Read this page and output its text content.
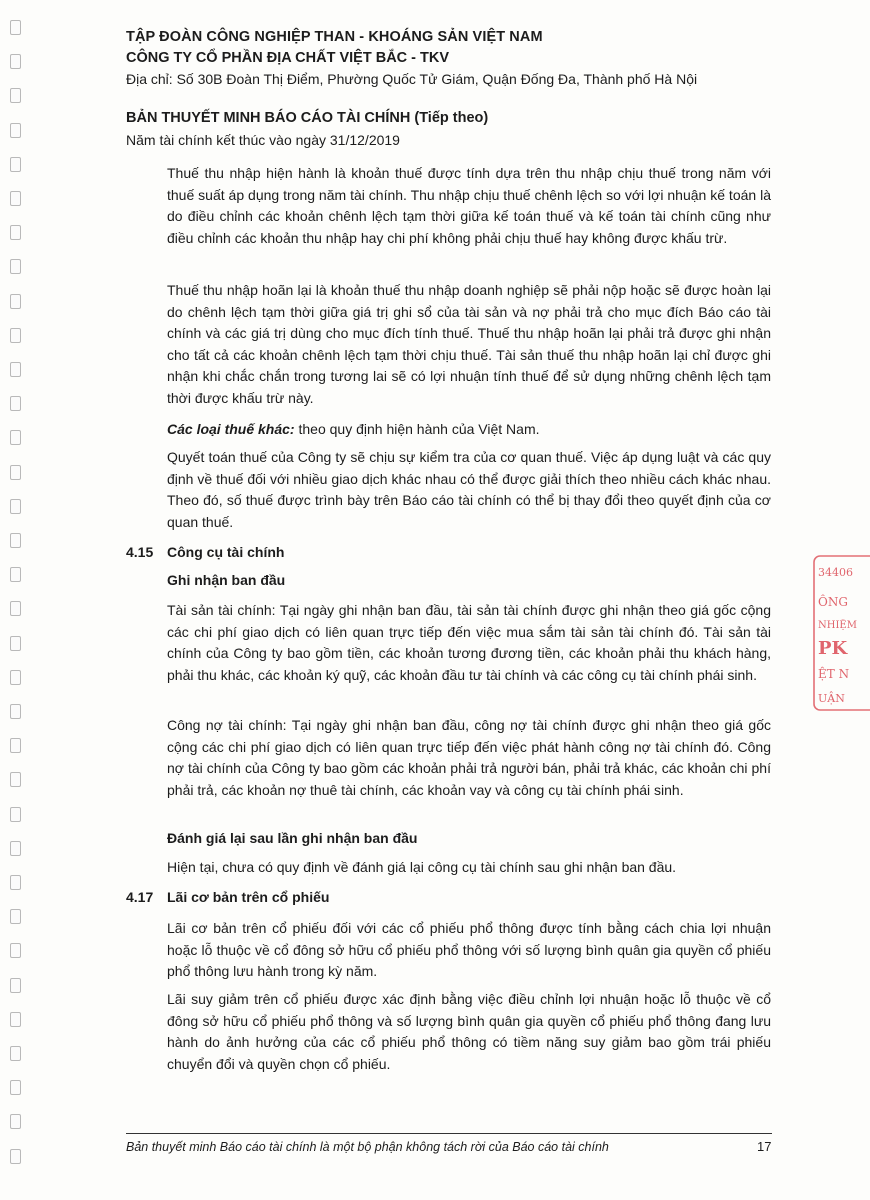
TẬP ĐOÀN CÔNG NGHIỆP THAN - KHOÁNG SẢN VIỆT NAM
CÔNG TY CỔ PHẦN ĐỊA CHẤT VIỆT BẮC - TKV
Địa chỉ: Số 30B Đoàn Thị Điểm, Phường Quốc Tử Giám, Quận Đống Đa, Thành phố Hà Nội
BẢN THUYẾT MINH BÁO CÁO TÀI CHÍNH (Tiếp theo)
Năm tài chính kết thúc vào ngày 31/12/2019

Thuế thu nhập hiện hành là khoản thuế được tính dựa trên thu nhập chịu thuế trong năm với thuế suất áp dụng trong năm tài chính. Thu nhập chịu thuế chênh lệch so với lợi nhuận kế toán là do điều chỉnh các khoản chênh lệch tạm thời giữa kế toán thuế và kế toán tài chính cũng như điều chỉnh các khoản thu nhập hay chi phí không phải chịu thuế hay không được khấu trừ.

Thuế thu nhập hoãn lại là khoản thuế thu nhập doanh nghiệp sẽ phải nộp hoặc sẽ được hoàn lại do chênh lệch tạm thời giữa giá trị ghi sổ của tài sản và nợ phải trả cho mục đích Báo cáo tài chính và các giá trị dùng cho mục đích tính thuế. Thuế thu nhập hoãn lại phải trả được ghi nhận cho tất cả các khoản chênh lệch tạm thời chịu thuế. Tài sản thuế thu nhập hoãn lại chỉ được ghi nhận khi chắc chắn trong tương lai sẽ có lợi nhuận tính thuế để sử dụng những chênh lệch tạm thời được khấu trừ này.

Các loại thuế khác: theo quy định hiện hành của Việt Nam.

Quyết toán thuế của Công ty sẽ chịu sự kiểm tra của cơ quan thuế. Việc áp dụng luật và các quy định về thuế đối với nhiều giao dịch khác nhau có thể được giải thích theo nhiều cách khác nhau. Theo đó, số thuế được trình bày trên Báo cáo tài chính có thể bị thay đổi theo quyết định của cơ quan thuế.

4.15 Công cụ tài chính
Ghi nhận ban đầu

Tài sản tài chính: Tại ngày ghi nhận ban đầu, tài sản tài chính được ghi nhận theo giá gốc cộng các chi phí giao dịch có liên quan trực tiếp đến việc mua sắm tài sản tài chính đó. Tài sản tài chính của Công ty bao gồm tiền, các khoản tương đương tiền, các khoản phải thu khách hàng, phải thu khác, các khoản ký quỹ, các khoản đầu tư tài chính và các công cụ tài chính phái sinh.

Công nợ tài chính: Tại ngày ghi nhận ban đầu, công nợ tài chính được ghi nhận theo giá gốc cộng các chi phí giao dịch có liên quan trực tiếp đến việc phát hành công nợ tài chính đó. Công nợ tài chính của Công ty bao gồm các khoản phải trả người bán, phải trả khác, các khoản chi phí phải trả, các khoản nợ thuê tài chính, các khoản vay và công cụ tài chính phái sinh.

Đánh giá lại sau lần ghi nhận ban đầu

Hiện tại, chưa có quy định về đánh giá lại công cụ tài chính sau ghi nhận ban đầu.

4.17 Lãi cơ bản trên cổ phiếu

Lãi cơ bản trên cổ phiếu đối với các cổ phiếu phổ thông được tính bằng cách chia lợi nhuận hoặc lỗ thuộc về cổ đông sở hữu cổ phiếu phổ thông với số lượng bình quân gia quyền cổ phiếu phổ thông lưu hành trong kỳ năm.

Lãi suy giảm trên cổ phiếu được xác định bằng việc điều chỉnh lợi nhuận hoặc lỗ thuộc về cổ đông sở hữu cổ phiếu phổ thông và số lượng bình quân gia quyền cổ phiếu phổ thông đang lưu hành do ảnh hưởng của các cổ phiếu phổ thông có tiềm năng suy giảm bao gồm trái phiếu chuyển đổi và quyền chọn cổ phiếu.

Bản thuyết minh Báo cáo tài chính là một bộ phận không tách rời của Báo cáo tài chính	17
34406
ÔNG
NHIỆM
PK
ỆT N
UẬN
